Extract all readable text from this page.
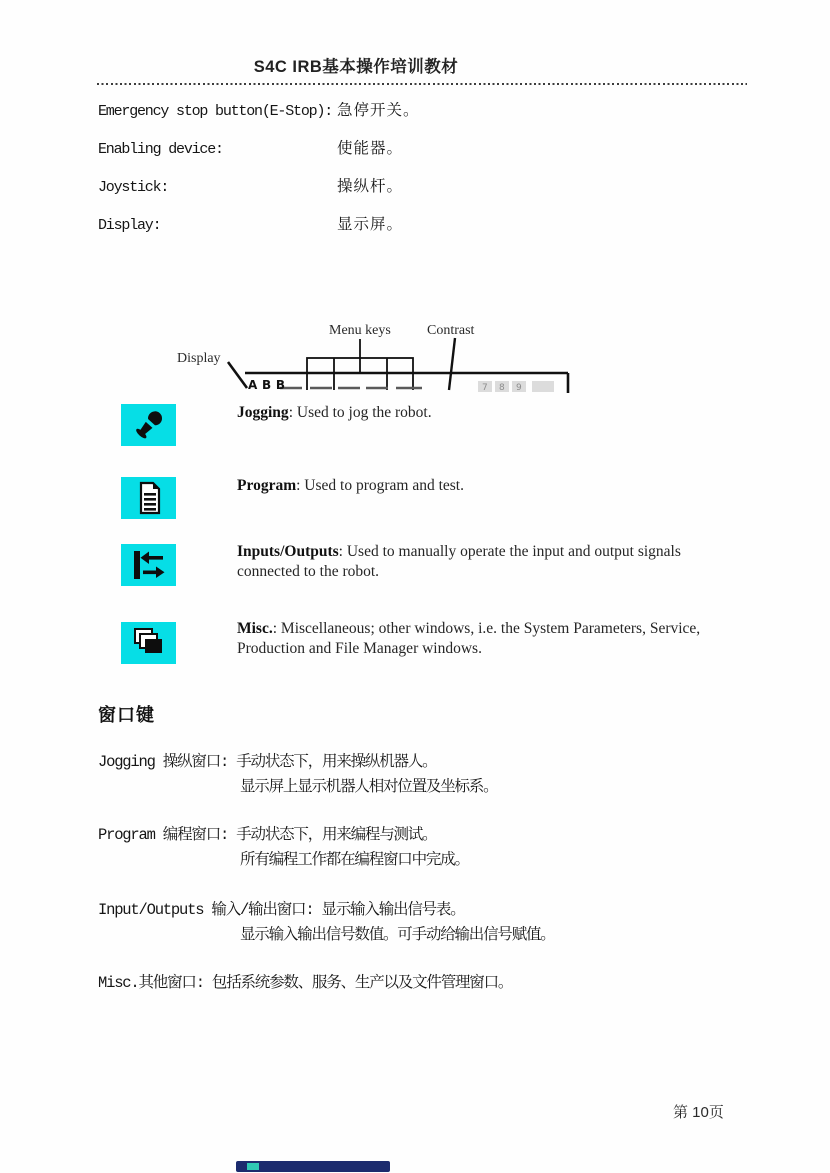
S4C IRB基本操作培训教材
Emergency stop button(E-Stop): 急停开关。
Enabling device:	使能器。
Joystick:	操纵杆。
Display:	显示屏。
Menu keys	Contrast
Display
7 8 9
ABB
Jogging: Used to jog the robot.
Program: Used to program and test.
Inputs/Outputs: Used to manually operate the input and output signals connected to the robot.
Misc.: Miscellaneous; other windows, i.e. the System Parameters, Service, Production and File Manager windows.
窗口键
Jogging 操纵窗口: 手动状态下，用来操纵机器人。
显示屏上显示机器人相对位置及坐标系。
Program 编程窗口: 手动状态下，用来编程与测试。
所有编程工作都在编程窗口中完成。
Input/Outputs 输入/输出窗口: 显示输入输出信号表。
显示输入输出信号数值。可手动给输出信号赋值。
Misc.其他窗口: 包括系统参数、服务、生产以及文件管理窗口。
第 10页
